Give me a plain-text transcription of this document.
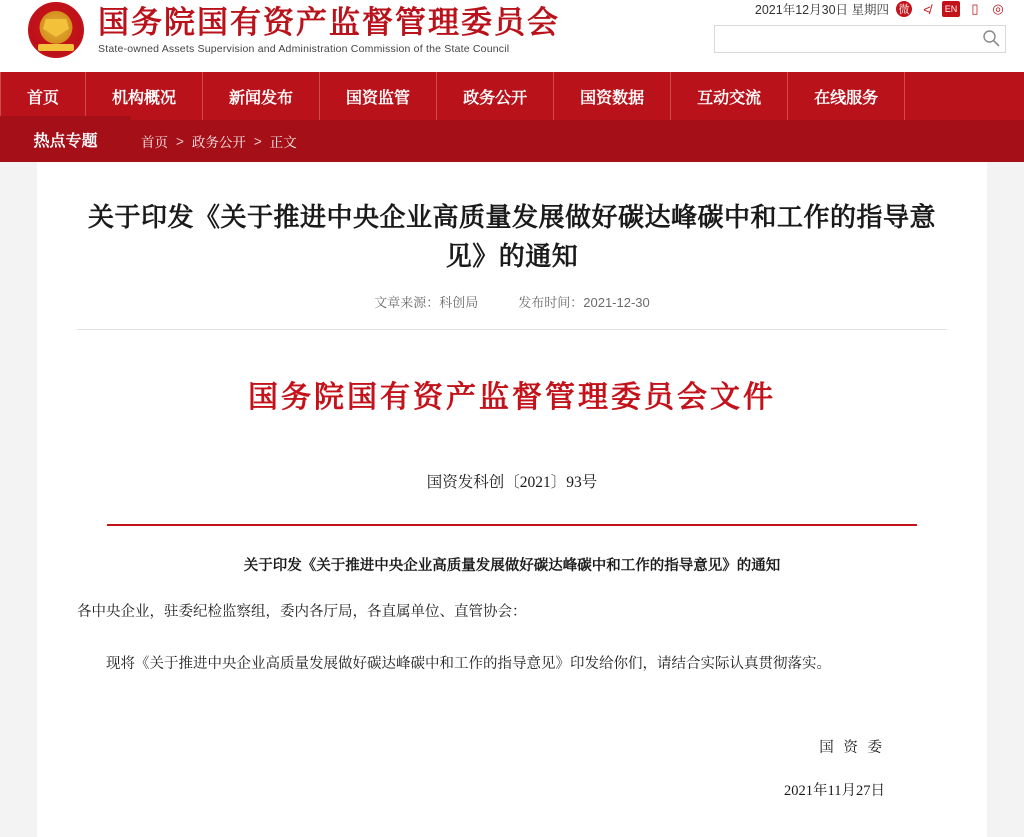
国务院国有资产监督管理委员会
State-owned Assets Supervision and Administration Commission of the State Council
2021年12月30日 星期四 微	≮	EN	▯	◎
首页	机构概况	新闻发布	国资监管	政务公开	国资数据	互动交流	在线服务
热点专题	首页 > 政务公开 > 正文
关于印发《关于推进中央企业高质量发展做好碳达峰碳中和工作的指导意见》的通知
文章来源：科创局	发布时间：2021-12-30
国务院国有资产监督管理委员会文件
国资发科创〔2021〕93号
关于印发《关于推进中央企业高质量发展做好碳达峰碳中和工作的指导意见》的通知
各中央企业，驻委纪检监察组，委内各厅局，各直属单位、直管协会：
现将《关于推进中央企业高质量发展做好碳达峰碳中和工作的指导意见》印发给你们，请结合实际认真贯彻落实。
国 资 委
2021年11月27日
